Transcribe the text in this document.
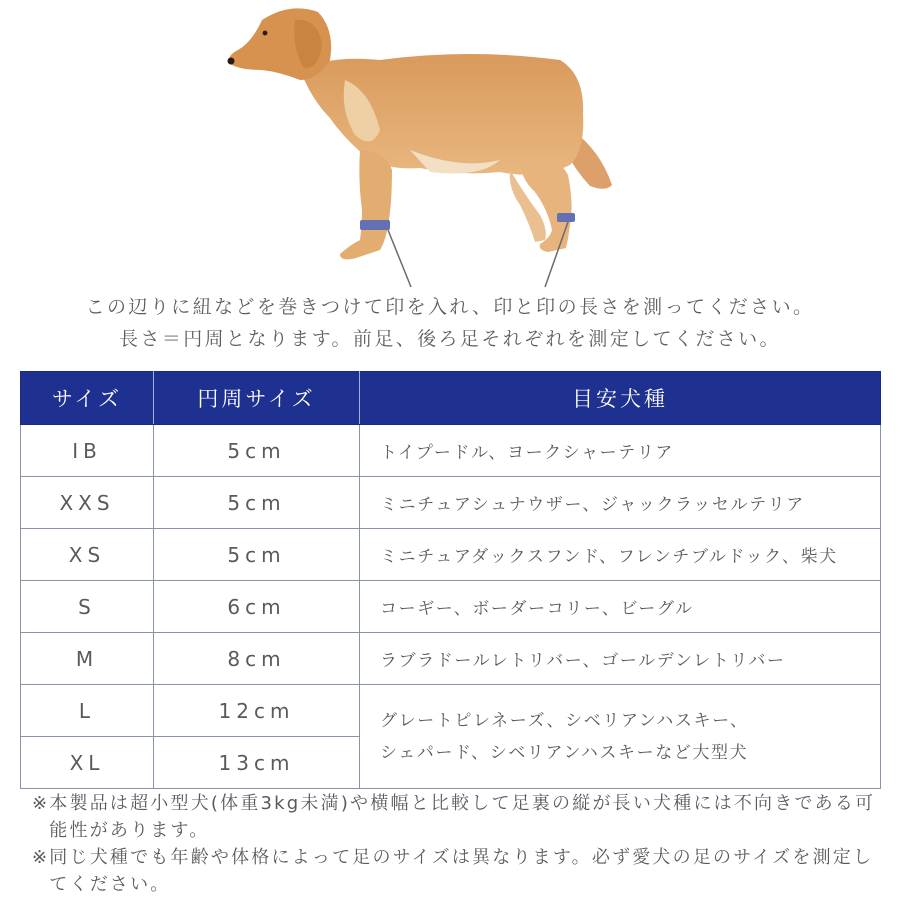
この辺りに紐などを巻きつけて印を入れ、印と印の長さを測ってください。
長さ＝円周となります。前足、後ろ足それぞれを測定してください。
サイズ	円周サイズ	目安犬種
IB	5cm	トイプードル、ヨークシャーテリア
XXS	5cm	ミニチュアシュナウザー、ジャックラッセルテリア
XS	5cm	ミニチュアダックスフンド、フレンチブルドック、柴犬
S	6cm	コーギー、ボーダーコリー、ビーグル
M	8cm	ラブラドールレトリバー、ゴールデンレトリバー
L	12cm	グレートピレネーズ、シベリアンハスキー、
シェパード、シベリアンハスキーなど大型犬

XL	13cm	
※ 本製品は超小型犬(体重3kg未満)や横幅と比較して足裏の縦が長い犬種には不向きである可能性があります。
※ 同じ犬種でも年齢や体格によって足のサイズは異なります。必ず愛犬の足のサイズを測定してください。
